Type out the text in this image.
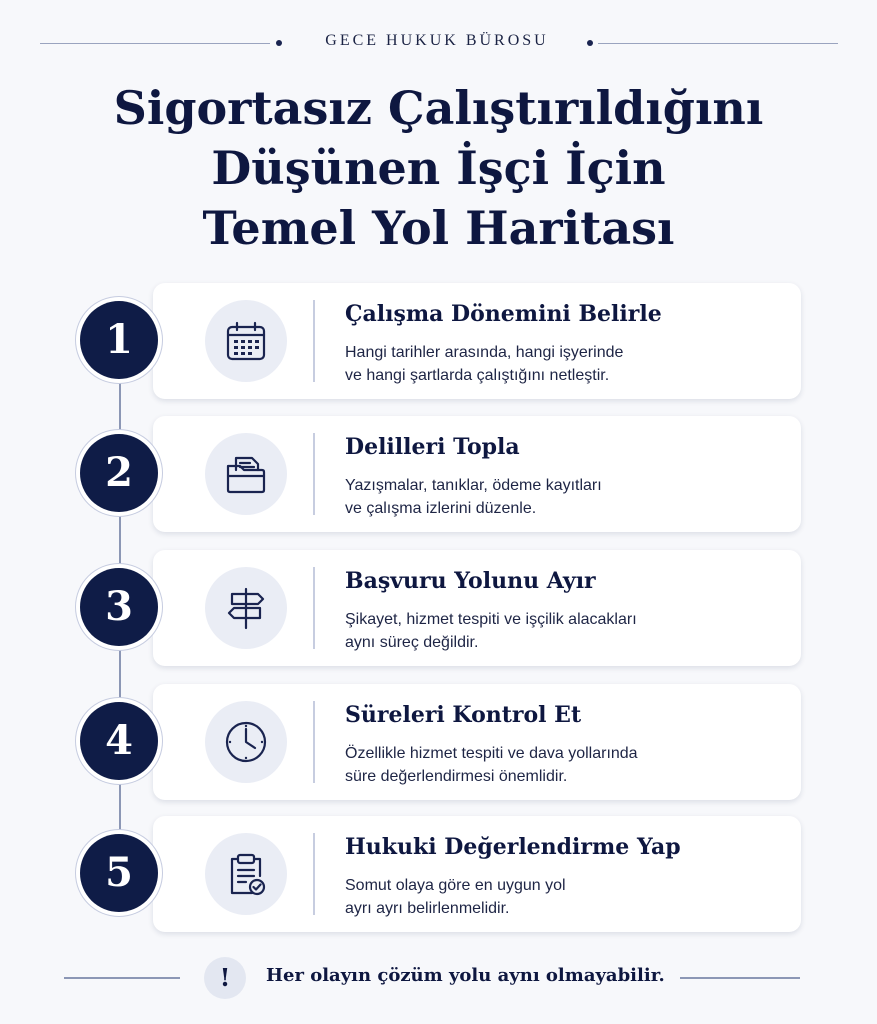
GECE HUKUK BÜROSU
Sigortasız Çalıştırıldığını
Düşünen İşçi İçin
Temel Yol Haritası
1
Çalışma Dönemini Belirle
Hangi tarihler arasında, hangi işyerinde
ve hangi şartlarda çalıştığını netleştir.
2
Delilleri Topla
Yazışmalar, tanıklar, ödeme kayıtları
ve çalışma izlerini düzenle.
3
Başvuru Yolunu Ayır
Şikayet, hizmet tespiti ve işçilik alacakları
aynı süreç değildir.
4
Süreleri Kontrol Et
Özellikle hizmet tespiti ve dava yollarında
süre değerlendirmesi önemlidir.
5
Hukuki Değerlendirme Yap
Somut olaya göre en uygun yol
ayrı ayrı belirlenmelidir.
!	Her olayın çözüm yolu aynı olmayabilir.
